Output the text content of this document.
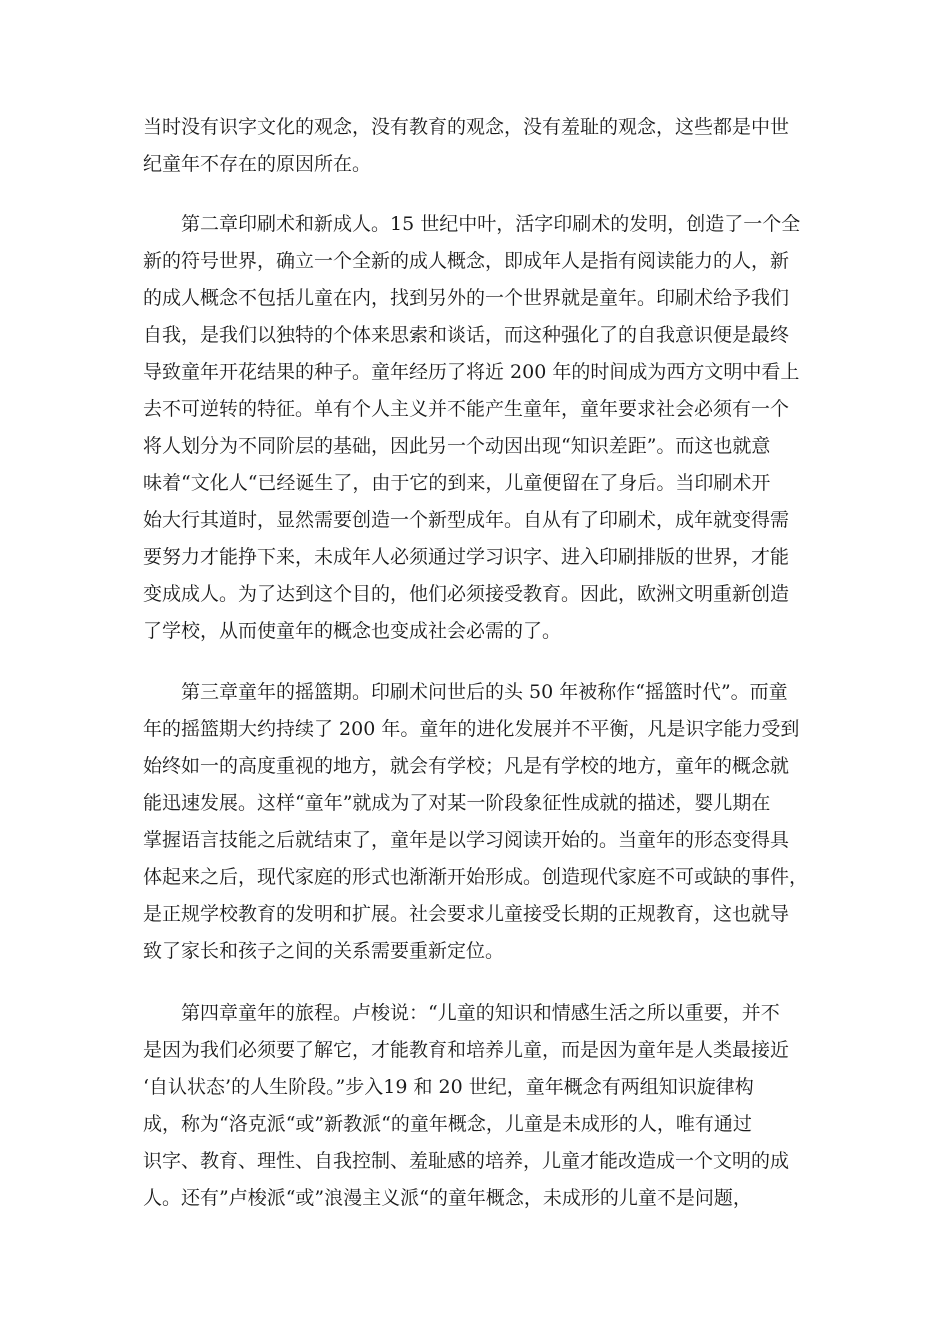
当时没有识字文化的观念，没有教育的观念，没有羞耻的观念，这些都是中世
纪童年不存在的原因所在。
第二章印刷术和新成人。15 世纪中叶，活字印刷术的发明，创造了一个全
新的符号世界，确立一个全新的成人概念，即成年人是指有阅读能力的人，新
的成人概念不包括儿童在内，找到另外的一个世界就是童年。印刷术给予我们
自我，是我们以独特的个体来思索和谈话，而这种强化了的自我意识便是最终
导致童年开花结果的种子。童年经历了将近 200 年的时间成为西方文明中看上
去不可逆转的特征。单有个人主义并不能产生童年，童年要求社会必须有一个
将人划分为不同阶层的基础，因此另一个动因出现“知识差距”。而这也就意
味着“文化人“已经诞生了，由于它的到来，儿童便留在了身后。当印刷术开
始大行其道时，显然需要创造一个新型成年。自从有了印刷术，成年就变得需
要努力才能挣下来，未成年人必须通过学习识字、进入印刷排版的世界，才能
变成成人。为了达到这个目的，他们必须接受教育。因此，欧洲文明重新创造
了学校，从而使童年的概念也变成社会必需的了。
第三章童年的摇篮期。印刷术问世后的头 50 年被称作“摇篮时代”。而童
年的摇篮期大约持续了 200 年。童年的进化发展并不平衡，凡是识字能力受到
始终如一的高度重视的地方，就会有学校；凡是有学校的地方，童年的概念就
能迅速发展。这样“童年”就成为了对某一阶段象征性成就的描述，婴儿期在
掌握语言技能之后就结束了，童年是以学习阅读开始的。当童年的形态变得具
体起来之后，现代家庭的形式也渐渐开始形成。创造现代家庭不可或缺的事件，
是正规学校教育的发明和扩展。社会要求儿童接受长期的正规教育，这也就导
致了家长和孩子之间的关系需要重新定位。
第四章童年的旅程。卢梭说：“儿童的知识和情感生活之所以重要，并不
是因为我们必须要了解它，才能教育和培养儿童，而是因为童年是人类最接近
‘自认状态’的人生阶段。”步入19 和 20 世纪，童年概念有两组知识旋律构
成，称为“洛克派“或”新教派“的童年概念，儿童是未成形的人，唯有通过
识字、教育、理性、自我控制、羞耻感的培养，儿童才能改造成一个文明的成
人。还有”卢梭派“或”浪漫主义派“的童年概念，未成形的儿童不是问题，
